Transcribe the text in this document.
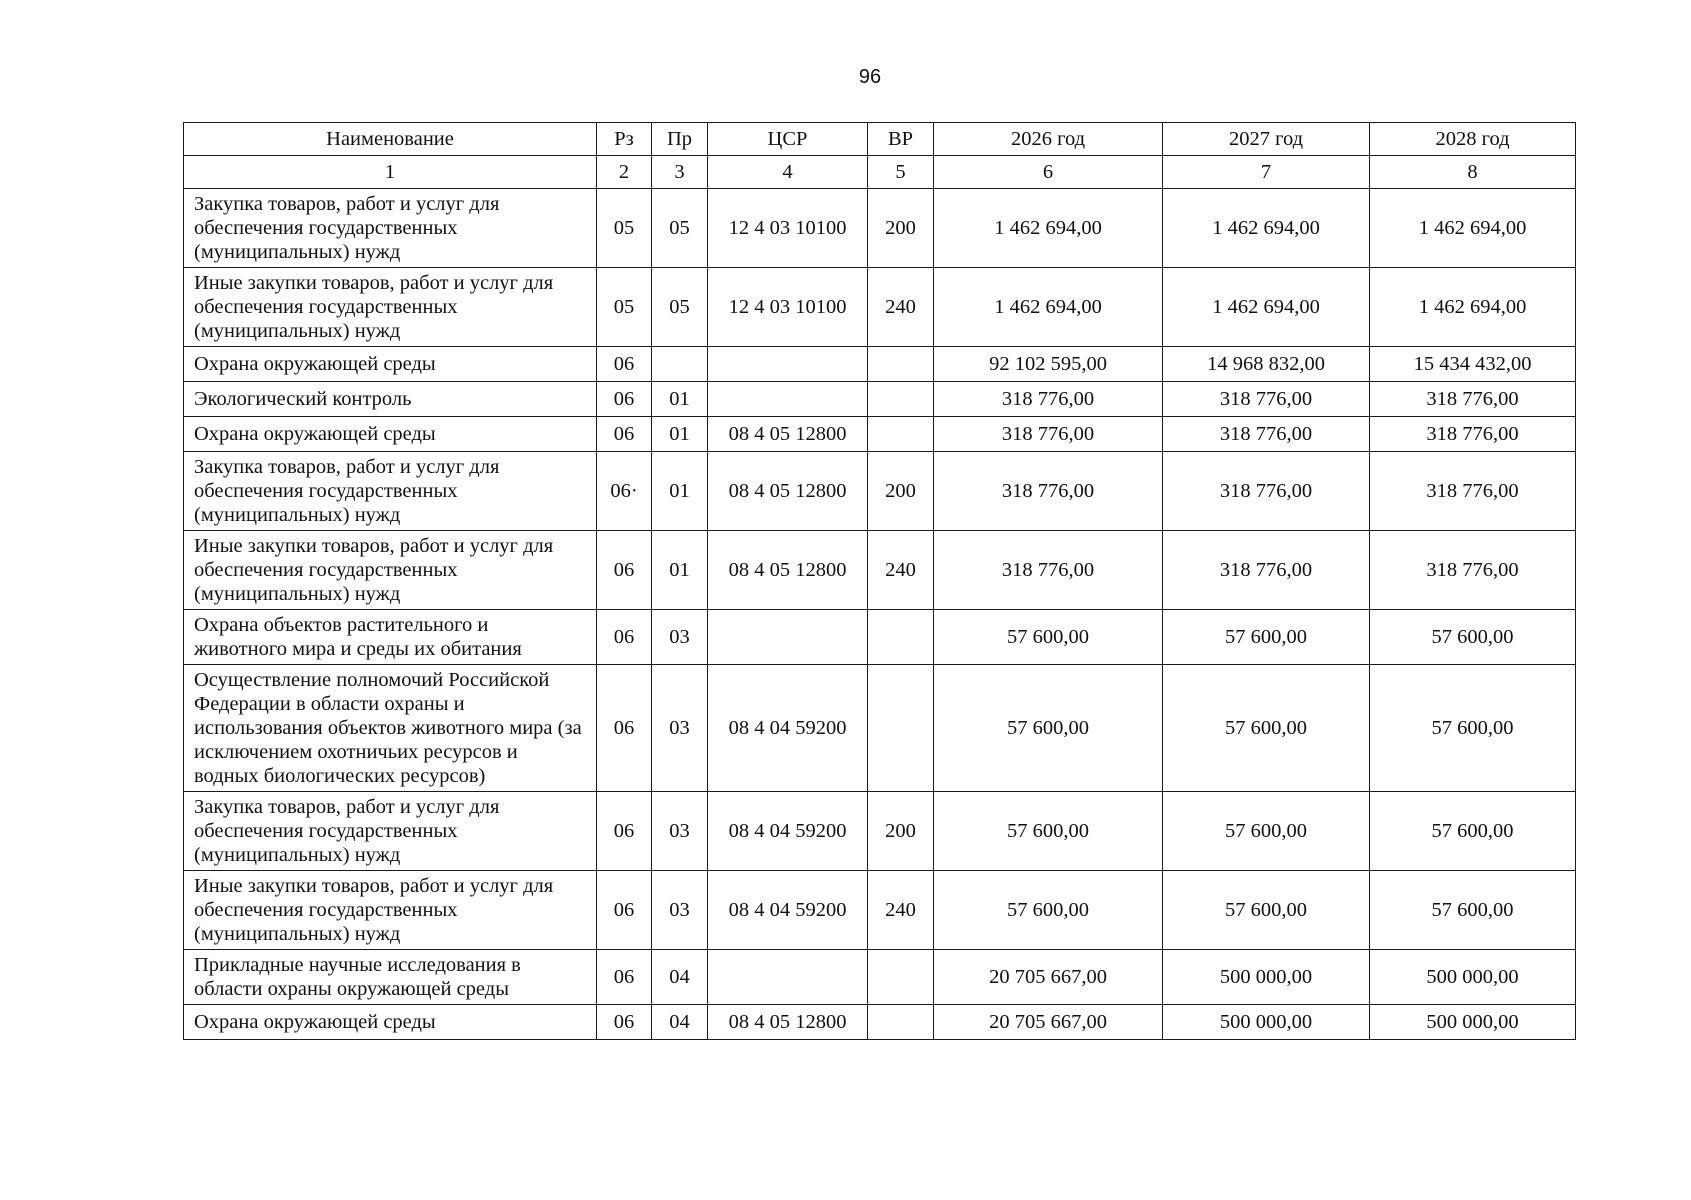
96
Наименование	Рз	Пр	ЦСР	ВР	2026 год	2027 год	2028 год
1	2	3	4	5	6	7	8
Закупка товаров, работ и услуг для обеспечения государственных (муниципальных) нужд	05	05	12 4 03 10100	200	1 462 694,00	1 462 694,00	1 462 694,00
Иные закупки товаров, работ и услуг для обеспечения государственных (муниципальных) нужд	05	05	12 4 03 10100	240	1 462 694,00	1 462 694,00	1 462 694,00
Охрана окружающей среды	06				92 102 595,00	14 968 832,00	15 434 432,00
Экологический контроль	06	01			318 776,00	318 776,00	318 776,00
Охрана окружающей среды	06	01	08 4 05 12800		318 776,00	318 776,00	318 776,00
Закупка товаров, работ и услуг для обеспечения государственных (муниципальных) нужд	06·	01	08 4 05 12800	200	318 776,00	318 776,00	318 776,00
Иные закупки товаров, работ и услуг для обеспечения государственных (муниципальных) нужд	06	01	08 4 05 12800	240	318 776,00	318 776,00	318 776,00
Охрана объектов растительного и животного мира и среды их обитания	06	03			57 600,00	57 600,00	57 600,00
Осуществление полномочий Российской Федерации в области охраны и использования объектов животного мира (за исключением охотничьих ресурсов и водных биологических ресурсов)	06	03	08 4 04 59200		57 600,00	57 600,00	57 600,00
Закупка товаров, работ и услуг для обеспечения государственных (муниципальных) нужд	06	03	08 4 04 59200	200	57 600,00	57 600,00	57 600,00
Иные закупки товаров, работ и услуг для обеспечения государственных (муниципальных) нужд	06	03	08 4 04 59200	240	57 600,00	57 600,00	57 600,00
Прикладные научные исследования в области охраны окружающей среды	06	04			20 705 667,00	500 000,00	500 000,00
Охрана окружающей среды	06	04	08 4 05 12800		20 705 667,00	500 000,00	500 000,00
